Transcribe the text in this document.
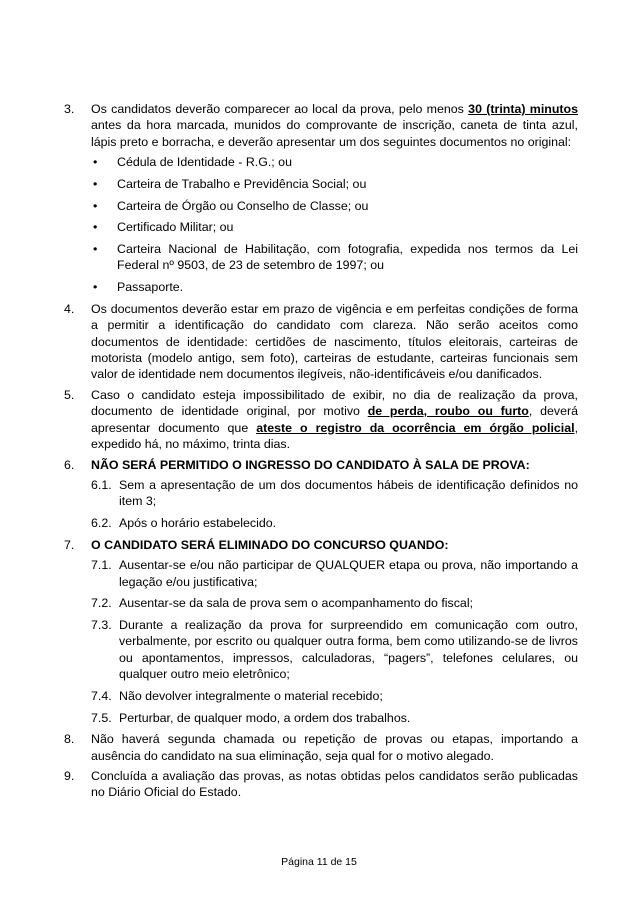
3. Os candidatos deverão comparecer ao local da prova, pelo menos 30 (trinta) minutos antes da hora marcada, munidos do comprovante de inscrição, caneta de tinta azul, lápis preto e borracha, e deverão apresentar um dos seguintes documentos no original:

• Cédula de Identidade - R.G.; ou
• Carteira de Trabalho e Previdência Social; ou
• Carteira de Órgão ou Conselho de Classe; ou
• Certificado Militar; ou
• Carteira Nacional de Habilitação, com fotografia, expedida nos termos da Lei Federal nº 9503, de 23 de setembro de 1997; ou
• Passaporte.
4. Os documentos deverão estar em prazo de vigência e em perfeitas condições de forma a permitir a identificação do candidato com clareza. Não serão aceitos como documentos de identidade: certidões de nascimento, títulos eleitorais, carteiras de motorista (modelo antigo, sem foto), carteiras de estudante, carteiras funcionais sem valor de identidade nem documentos ilegíveis, não-identificáveis e/ou danificados.

5. Caso o candidato esteja impossibilitado de exibir, no dia de realização da prova, documento de identidade original, por motivo de perda, roubo ou furto, deverá apresentar documento que ateste o registro da ocorrência em órgão policial, expedido há, no máximo, trinta dias.

6. NÃO SERÁ PERMITIDO O INGRESSO DO CANDIDATO À SALA DE PROVA:

6.1. Sem a apresentação de um dos documentos hábeis de identificação definidos no item 3;
6.2. Após o horário estabelecido.
7. O CANDIDATO SERÁ ELIMINADO DO CONCURSO QUANDO:

7.1. Ausentar-se e/ou não participar de QUALQUER etapa ou prova, não importando a legação e/ou justificativa;
7.2. Ausentar-se da sala de prova sem o acompanhamento do fiscal;
7.3. Durante a realização da prova for surpreendido em comunicação com outro, verbalmente, por escrito ou qualquer outra forma, bem como utilizando-se de livros ou apontamentos, impressos, calculadoras, “pagers”, telefones celulares, ou qualquer outro meio eletrônico;
7.4. Não devolver integralmente o material recebido;
7.5. Perturbar, de qualquer modo, a ordem dos trabalhos.
8. Não haverá segunda chamada ou repetição de provas ou etapas, importando a ausência do candidato na sua eliminação, seja qual for o motivo alegado.

9. Concluída a avaliação das provas, as notas obtidas pelos candidatos serão publicadas no Diário Oficial do Estado.

Página 11 de 15
